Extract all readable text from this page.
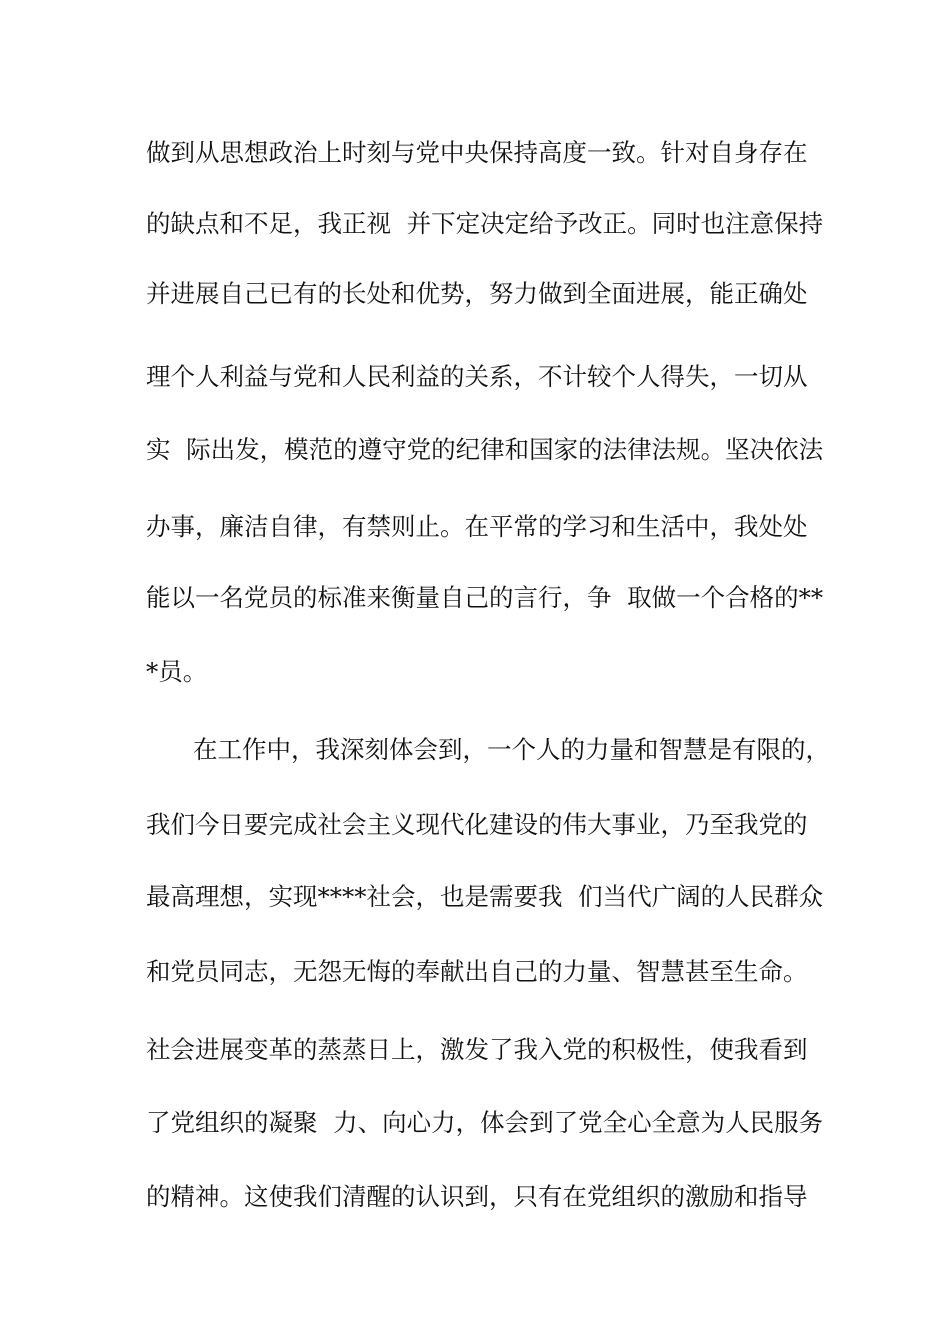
做到从思想政治上时刻与党中央保持高度一致。针对自身存在
的缺点和不足，我正视  并下定决定给予改正。同时也注意保持
并进展自己已有的长处和优势，努力做到全面进展，能正确处
理个人利益与党和人民利益的关系，不计较个人得失，一切从
实  际出发，模范的遵守党的纪律和国家的法律法规。坚决依法
办事，廉洁自律，有禁则止。在平常的学习和生活中，我处处
能以一名党员的标准来衡量自己的言行，争  取做一个合格的**
*员。
在工作中，我深刻体会到，一个人的力量和智慧是有限的，
我们今日要完成社会主义现代化建设的伟大事业，乃至我党的
最高理想，实现****社会，也是需要我  们当代广阔的人民群众
和党员同志，无怨无悔的奉献出自己的力量、智慧甚至生命。
社会进展变革的蒸蒸日上，激发了我入党的积极性，使我看到
了党组织的凝聚  力、向心力，体会到了党全心全意为人民服务
的精神。这使我们清醒的认识到，只有在党组织的激励和指导
